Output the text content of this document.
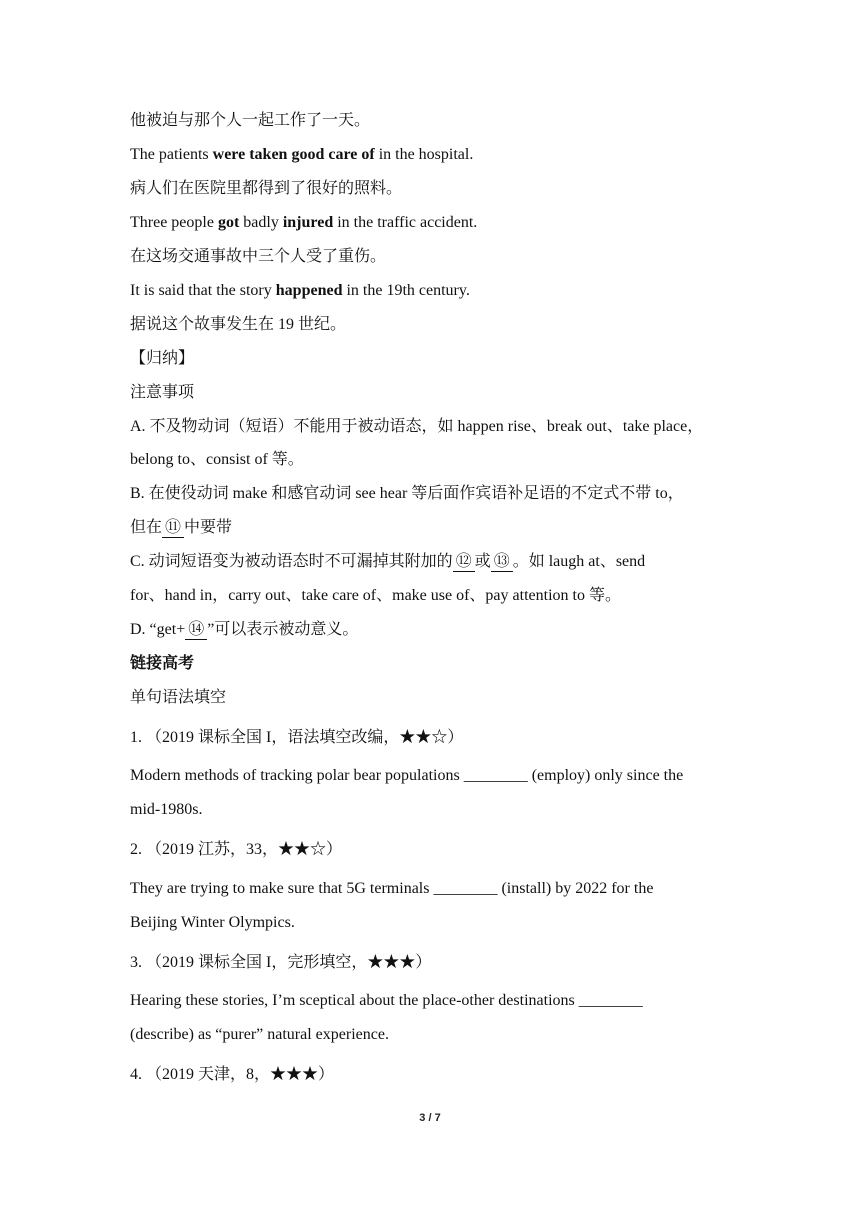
他被迫与那个人一起工作了一天。
The patients were taken good care of in the hospital.
病人们在医院里都得到了很好的照料。
Three people got badly injured in the traffic accident.
在这场交通事故中三个人受了重伤。
It is said that the story happened in the 19th century.
据说这个故事发生在 19 世纪。
【归纳】
注意事项
A. 不及物动词（短语）不能用于被动语态，如 happen rise、break out、take place，
belong to、consist of 等。
B. 在使役动词 make 和感官动词 see hear 等后面作宾语补足语的不定式不带 to，
但在 ⑪ 中要带
C. 动词短语变为被动语态时不可漏掉其附加的 ⑫ 或 ⑬ 。如 laugh at、send
for、hand in，carry out、take care of、make use of、pay attention to 等。
D. “get+ ⑭ ”可以表示被动意义。
链接高考
单句语法填空
1. （2019 课标全国 I，语法填空改编，★★☆）
Modern methods of tracking polar bear populations ________ (employ) only since the
mid-1980s.
2. （2019 江苏，33，★★☆）
They are trying to make sure that 5G terminals ________ (install) by 2022 for the
Beijing Winter Olympics.
3. （2019 课标全国 I，完形填空，★★★）
Hearing these stories, I’m sceptical about the place-other destinations ________
(describe) as “purer” natural experience.
4. （2019 天津，8，★★★）
3 / 7
